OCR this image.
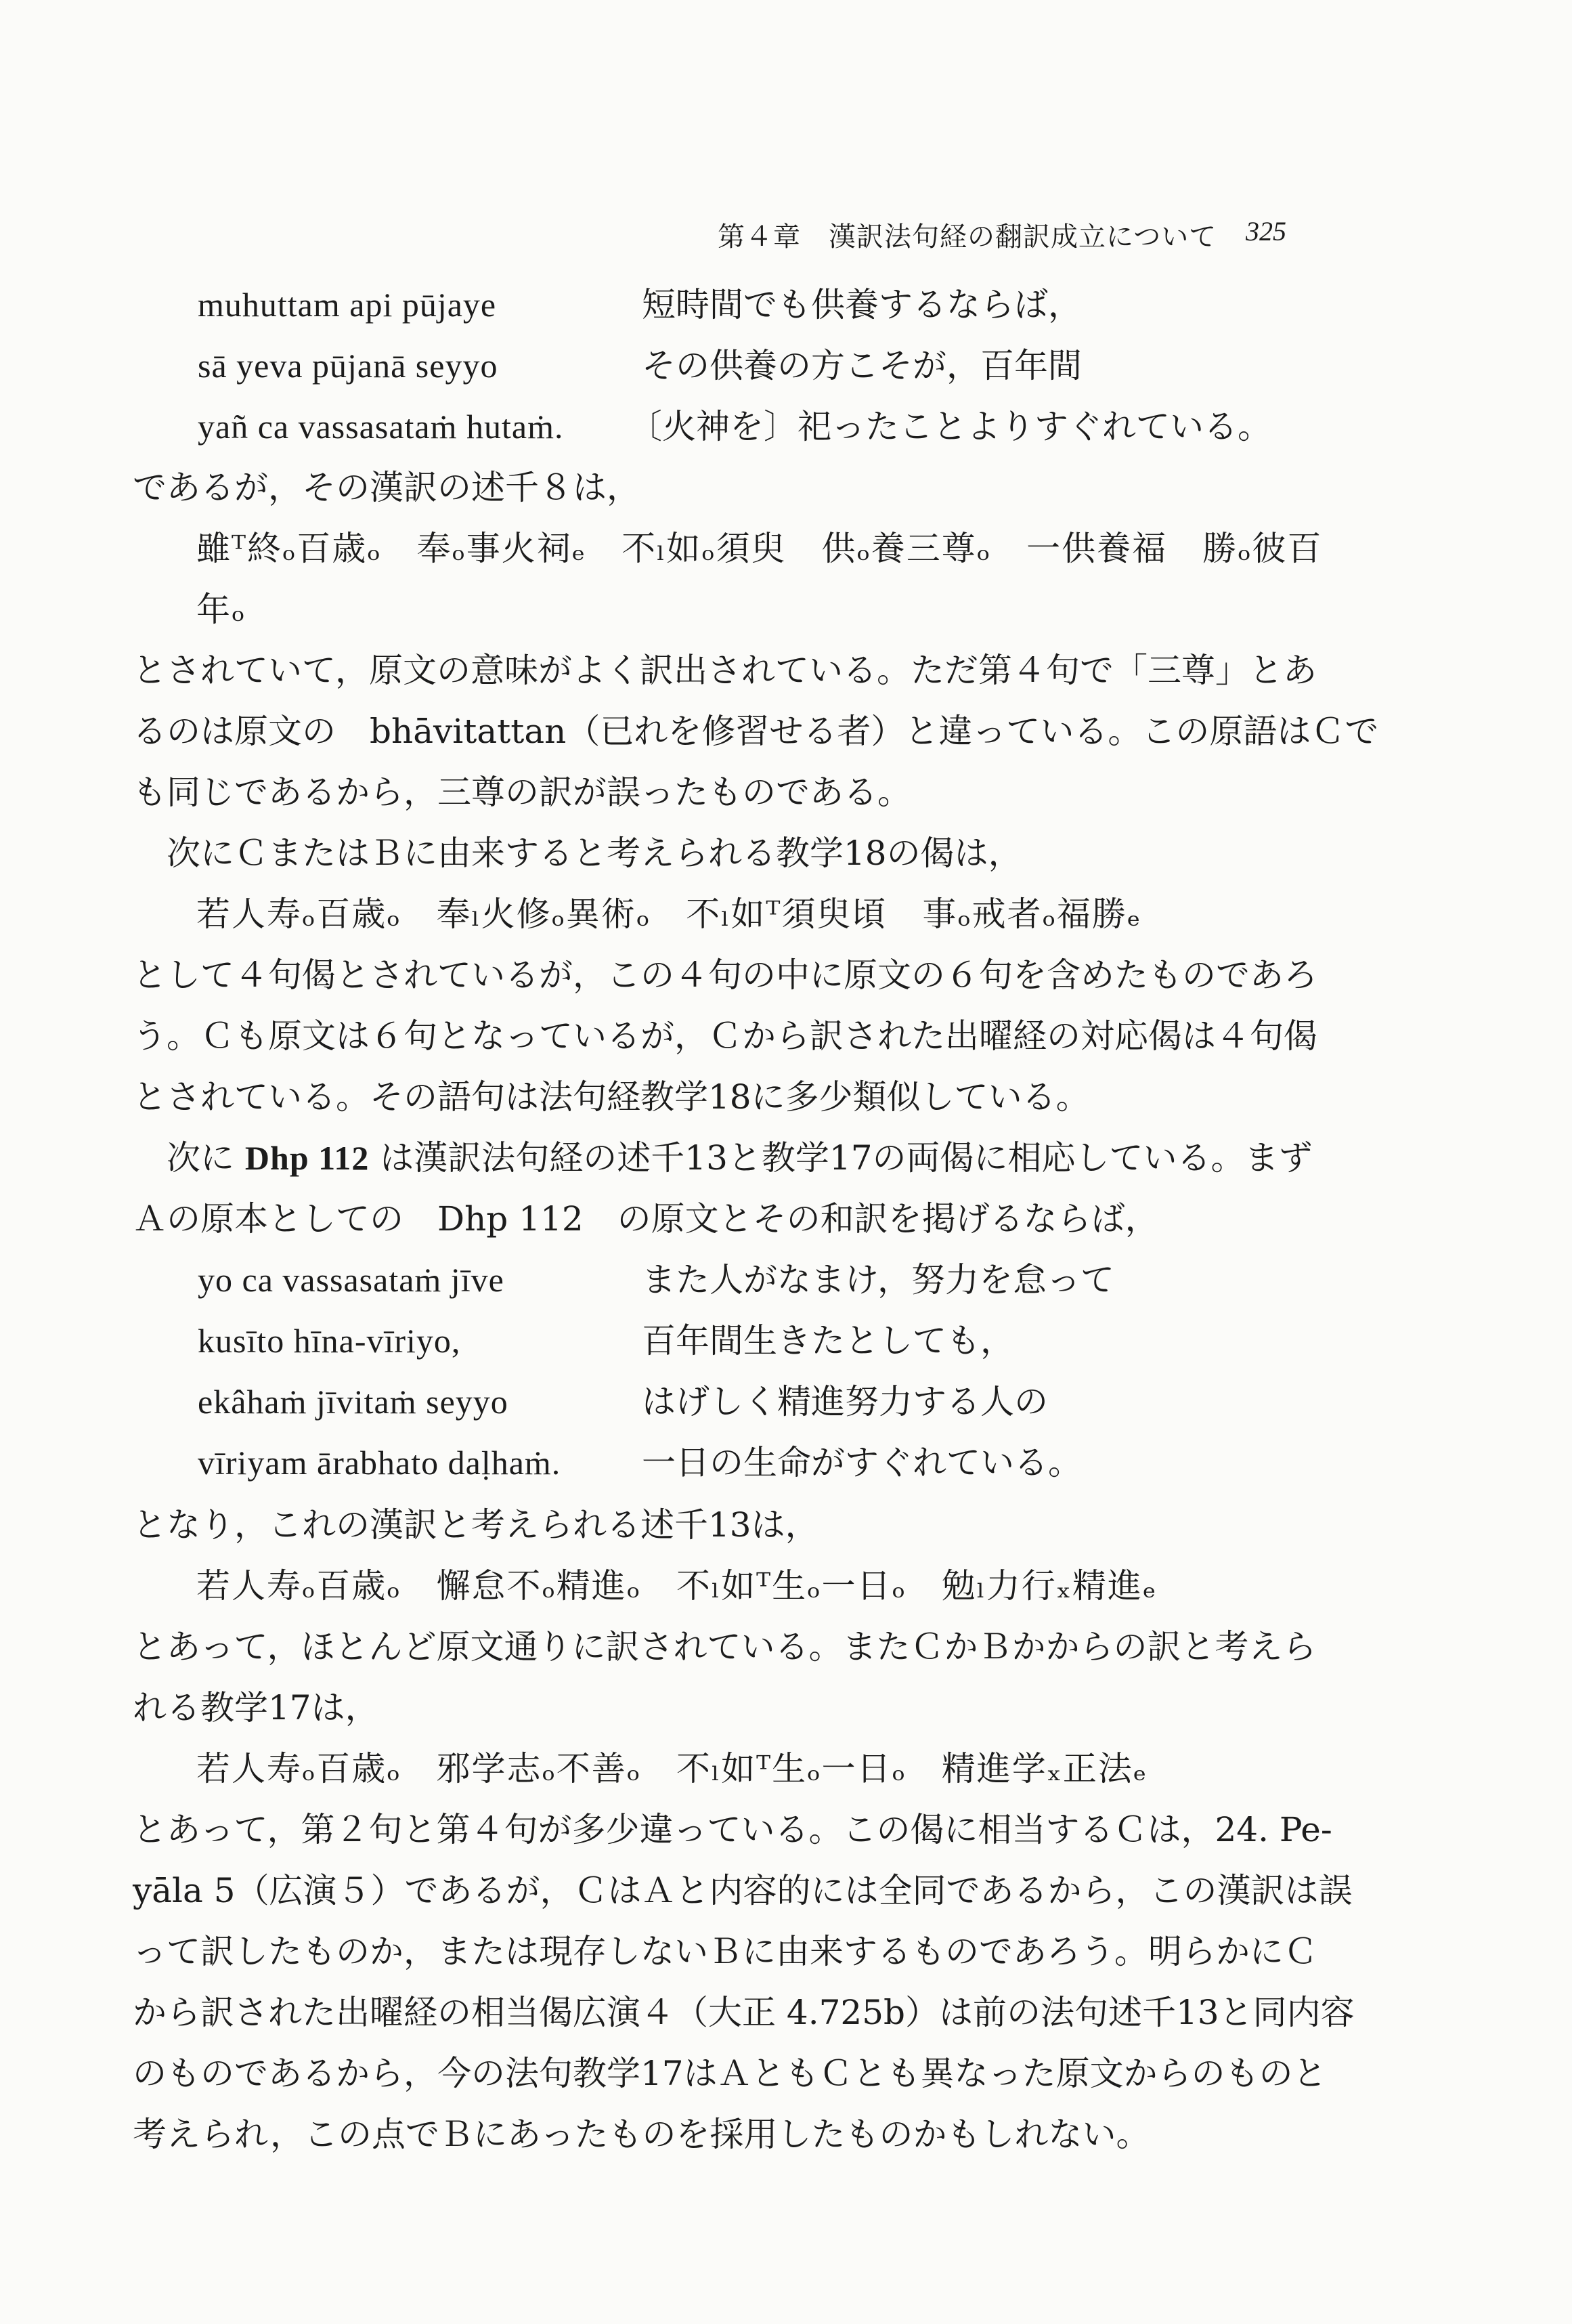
第４章　漢訳法句経の翻訳成立について 325
muhuttam api pūjaye	短時間でも供養するならば，
sā yeva pūjanā seyyo	その供養の方こそが，百年間
yañ ca vassasataṁ hutaṁ. 〔火神を〕祀ったことよりすぐれている。
であるが，その漢訳の述千８は，
雖ᵀ終ₒ百歳ₒ　奉ₒ事火祠ₑ　不ₗ如ₒ須臾　供ₒ養三尊ₒ　一供養福　勝ₒ彼百
年ₒ
とされていて，原文の意味がよく訳出されている。ただ第４句で「三尊」とあ
るのは原文の　bhāvitattan（已れを修習せる者）と違っている。この原語はＣで
も同じであるから，三尊の訳が誤ったものである。
次にＣまたはＢに由来すると考えられる教学18の偈は，
若人寿ₒ百歳ₒ　奉ₗ火修ₒ異術ₒ　不ₗ如ᵀ須臾頃　事ₒ戒者ₒ福勝ₑ
として４句偈とされているが，この４句の中に原文の６句を含めたものであろ
う。Ｃも原文は６句となっているが，Ｃから訳された出曜経の対応偈は４句偈
とされている。その語句は法句経教学18に多少類似している。
次に Dhp 112 は漢訳法句経の述千13と教学17の両偈に相応している。まず
Ａの原本としての　Dhp 112　の原文とその和訳を掲げるならば，
yo ca vassasataṁ jīve	また人がなまけ，努力を怠って
kusīto hīna-vīriyo,	百年間生きたとしても，
ekâhaṁ jīvitaṁ seyyo	はげしく精進努力する人の
vīriyam ārabhato daḷhaṁ. 一日の生命がすぐれている。
となり，これの漢訳と考えられる述千13は，
若人寿ₒ百歳ₒ　懈怠不ₒ精進ₒ　不ₗ如ᵀ生ₒ一日ₒ　勉ₗ力行ₓ精進ₑ
とあって，ほとんど原文通りに訳されている。またＣかＢかからの訳と考えら
れる教学17は，
若人寿ₒ百歳ₒ　邪学志ₒ不善ₒ　不ₗ如ᵀ生ₒ一日ₒ　精進学ₓ正法ₑ
とあって，第２句と第４句が多少違っている。この偈に相当するＣは，24. Pe-
yāla 5（広演５）であるが，ＣはＡと内容的には全同であるから，この漢訳は誤
って訳したものか，または現存しないＢに由来するものであろう。明らかにＣ
から訳された出曜経の相当偈広演４（大正 4.725b）は前の法句述千13と同内容
のものであるから，今の法句教学17はＡともＣとも異なった原文からのものと
考えられ，この点でＢにあったものを採用したものかもしれない。
